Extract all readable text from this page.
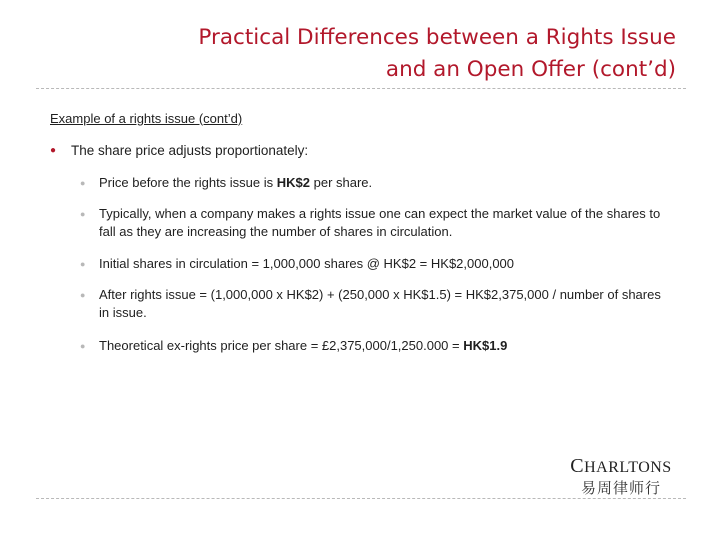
Practical Differences between a Rights Issue
and an Open Offer (cont’d)
Example of a rights issue (cont’d)
● The share price adjusts proportionately:
●	Price before the rights issue is HK$2 per share.
●	Typically, when a company makes a rights issue one can expect the market value of the shares to fall as they are increasing the number of shares in circulation.
●	Initial shares in circulation = 1,000,000 shares @ HK$2 = HK$2,000,000
●	After rights issue = (1,000,000 x HK$2) + (250,000 x HK$1.5) = HK$2,375,000 / number of shares in issue.
●	Theoretical ex-rights price per share = £2,375,000/1,250.000 = HK$1.9
CHARLTONS
易周律师行
